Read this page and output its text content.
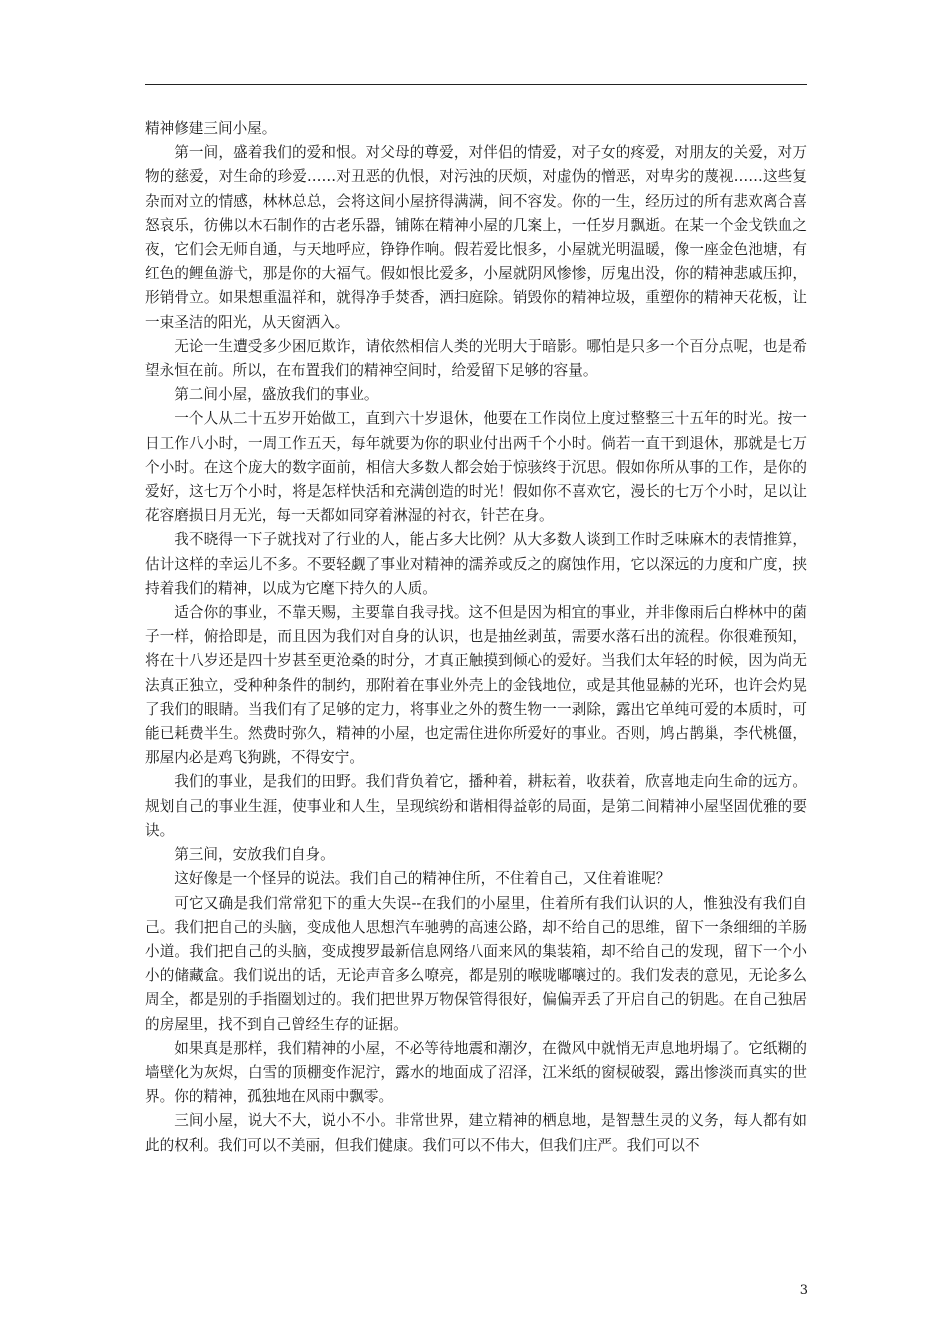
精神修建三间小屋。

第一间，盛着我们的爱和恨。对父母的尊爱，对伴侣的情爱，对子女的疼爱，对朋友的关爱，对万物的慈爱，对生命的珍爱……对丑恶的仇恨，对污浊的厌烦，对虚伪的憎恶，对卑劣的蔑视……这些复杂而对立的情感，林林总总，会将这间小屋挤得满满，间不容发。你的一生，经历过的所有悲欢离合喜怒哀乐，彷佛以木石制作的古老乐器，铺陈在精神小屋的几案上，一任岁月飘逝。在某一个金戈铁血之夜，它们会无师自通，与天地呼应，铮铮作响。假若爱比恨多，小屋就光明温暖，像一座金色池塘，有红色的鲤鱼游弋，那是你的大福气。假如恨比爱多，小屋就阴风惨惨，厉鬼出没，你的精神悲戚压抑，形销骨立。如果想重温祥和，就得净手焚香，洒扫庭除。销毁你的精神垃圾，重塑你的精神天花板，让一束圣洁的阳光，从天窗洒入。

无论一生遭受多少困厄欺诈，请依然相信人类的光明大于暗影。哪怕是只多一个百分点呢，也是希望永恒在前。所以，在布置我们的精神空间时，给爱留下足够的容量。

第二间小屋，盛放我们的事业。

一个人从二十五岁开始做工，直到六十岁退休，他要在工作岗位上度过整整三十五年的时光。按一日工作八小时，一周工作五天，每年就要为你的职业付出两千个小时。倘若一直干到退休，那就是七万个小时。在这个庞大的数字面前，相信大多数人都会始于惊骇终于沉思。假如你所从事的工作，是你的爱好，这七万个小时，将是怎样快活和充满创造的时光！假如你不喜欢它，漫长的七万个小时，足以让花容磨损日月无光，每一天都如同穿着淋湿的衬衣，针芒在身。

我不晓得一下子就找对了行业的人，能占多大比例？从大多数人谈到工作时乏味麻木的表情推算，估计这样的幸运儿不多。不要轻觑了事业对精神的濡养或反之的腐蚀作用，它以深远的力度和广度，挟持着我们的精神，以成为它麾下持久的人质。

适合你的事业，不靠天赐，主要靠自我寻找。这不但是因为相宜的事业，并非像雨后白桦林中的菌子一样，俯拾即是，而且因为我们对自身的认识，也是抽丝剥茧，需要水落石出的流程。你很难预知，将在十八岁还是四十岁甚至更沧桑的时分，才真正触摸到倾心的爱好。当我们太年轻的时候，因为尚无法真正独立，受种种条件的制约，那附着在事业外壳上的金钱地位，或是其他显赫的光环，也许会灼晃了我们的眼睛。当我们有了足够的定力，将事业之外的赘生物一一剥除，露出它单纯可爱的本质时，可能已耗费半生。然费时弥久，精神的小屋，也定需住进你所爱好的事业。否则，鸠占鹊巢，李代桃僵，那屋内必是鸡飞狗跳，不得安宁。

我们的事业，是我们的田野。我们背负着它，播种着，耕耘着，收获着，欣喜地走向生命的远方。规划自己的事业生涯，使事业和人生，呈现缤纷和谐相得益彰的局面，是第二间精神小屋坚固优雅的要诀。

第三间，安放我们自身。

这好像是一个怪异的说法。我们自己的精神住所，不住着自己，又住着谁呢？

可它又确是我们常常犯下的重大失误--在我们的小屋里，住着所有我们认识的人，惟独没有我们自己。我们把自己的头脑，变成他人思想汽车驰骋的高速公路，却不给自己的思维，留下一条细细的羊肠小道。我们把自己的头脑，变成搜罗最新信息网络八面来风的集装箱，却不给自己的发现，留下一个小小的储藏盒。我们说出的话，无论声音多么嘹亮，都是别的喉咙嘟嚷过的。我们发表的意见，无论多么周全，都是别的手指圈划过的。我们把世界万物保管得很好，偏偏弄丢了开启自己的钥匙。在自己独居的房屋里，找不到自己曾经生存的证据。

如果真是那样，我们精神的小屋，不必等待地震和潮汐，在微风中就悄无声息地坍塌了。它纸糊的墙壁化为灰烬，白雪的顶棚变作泥泞，露水的地面成了沼泽，江米纸的窗棂破裂，露出惨淡而真实的世界。你的精神，孤独地在风雨中飘零。

三间小屋，说大不大，说小不小。非常世界，建立精神的栖息地，是智慧生灵的义务，每人都有如此的权利。我们可以不美丽，但我们健康。我们可以不伟大，但我们庄严。我们可以不

3
